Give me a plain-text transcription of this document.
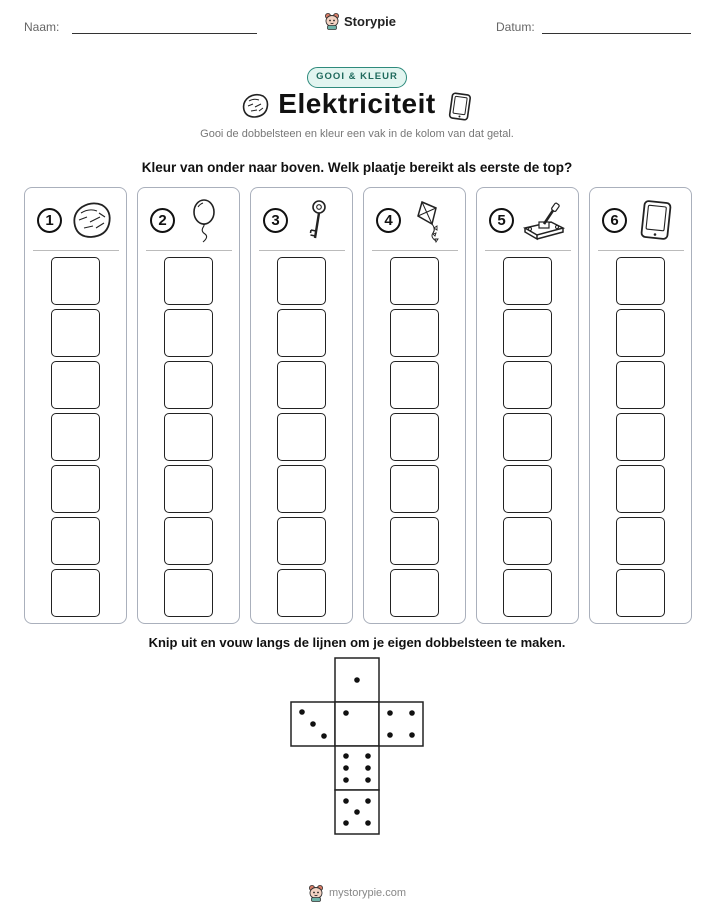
Naam:	Storypie	Datum:
GOOI & KLEUR
Elektriciteit
Gooi de dobbelsteen en kleur een vak in de kolom van dat getal.
Kleur van onder naar boven. Welk plaatje bereikt als eerste de top?
1	2	3	4	5	6
Knip uit en vouw langs de lijnen om je eigen dobbelsteen te maken.
mystorypie.com
